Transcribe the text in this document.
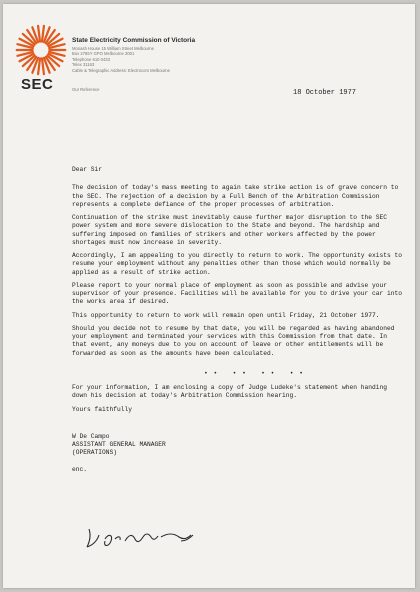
SEC
State Electricity Commission of Victoria
Monash House 15 William Street Melbourne
Box 2765Y GPO Melbourne 3001
Telephone 610 0433
Telex 31163
Cable & Telegraphic Address: Electrocom Melbourne
Our Reference	18 October 1977

Dear Sir

The decision of today's mass meeting to again take strike action is of grave concern to the SEC. The rejection of a decision by a Full Bench of the Arbitration Commission represents a complete defiance of the proper processes of arbitration.

Continuation of the strike must inevitably cause further major disruption to the SEC power system and more severe dislocation to the State and beyond. The hardship and suffering imposed on families of strikers and other workers affected by the power shortages must now increase in severity.

Accordingly, I am appealing to you directly to return to work. The opportunity exists to resume your employment without any penalties other than those which would normally be applied as a result of strike action.

Please report to your normal place of employment as soon as possible and advise your supervisor of your presence. Facilities will be available for you to drive your car into the works area if desired.

This opportunity to return to work will remain open until Friday, 21 October 1977.

Should you decide not to resume by that date, you will be regarded as having abandoned your employment and terminated your services with this Commission from that date. In that event, any moneys due to you on account of leave or other entitlements will be forwarded as soon as the amounts have been calculated.

• • • • • • • •

For your information, I am enclosing a copy of Judge Ludeke's statement when handing down his decision at today's Arbitration Commission hearing.

Yours faithfully
W De Campo
ASSISTANT GENERAL MANAGER
(OPERATIONS)
enc.
